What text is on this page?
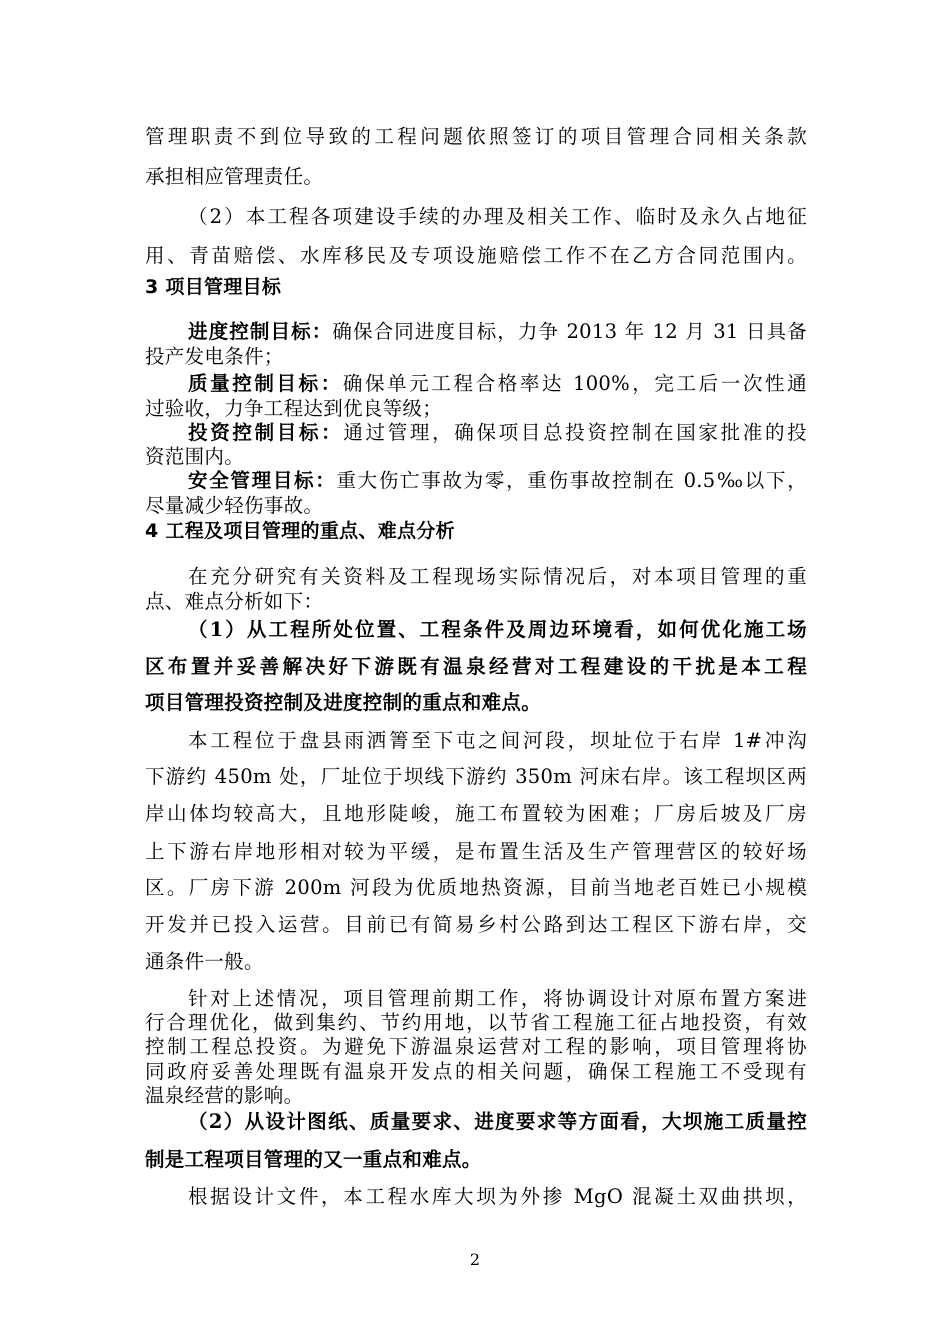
管理职责不到位导致的工程问题依照签订的项目管理合同相关条款
承担相应管理责任。
（2）本工程各项建设手续的办理及相关工作、临时及永久占地征
用、青苗赔偿、水库移民及专项设施赔偿工作不在乙方合同范围内。
3 项目管理目标
进度控制目标：确保合同进度目标，力争 2013 年 12 月 31 日具备
投产发电条件；
质量控制目标：确保单元工程合格率达 100%，完工后一次性通
过验收，力争工程达到优良等级；
投资控制目标：通过管理，确保项目总投资控制在国家批准的投
资范围内。
安全管理目标：重大伤亡事故为零，重伤事故控制在 0.5‰以下，
尽量减少轻伤事故。
4 工程及项目管理的重点、难点分析
在充分研究有关资料及工程现场实际情况后，对本项目管理的重
点、难点分析如下：
（1）从工程所处位置、工程条件及周边环境看，如何优化施工场
区布置并妥善解决好下游既有温泉经营对工程建设的干扰是本工程
项目管理投资控制及进度控制的重点和难点。
本工程位于盘县雨洒箐至下屯之间河段，坝址位于右岸 1#冲沟
下游约 450m 处，厂址位于坝线下游约 350m 河床右岸。该工程坝区两
岸山体均较高大，且地形陡峻，施工布置较为困难；厂房后坡及厂房
上下游右岸地形相对较为平缓，是布置生活及生产管理营区的较好场
区。厂房下游 200m 河段为优质地热资源，目前当地老百姓已小规模
开发并已投入运营。目前已有简易乡村公路到达工程区下游右岸，交
通条件一般。
针对上述情况，项目管理前期工作，将协调设计对原布置方案进
行合理优化，做到集约、节约用地，以节省工程施工征占地投资，有效
控制工程总投资。为避免下游温泉运营对工程的影响，项目管理将协
同政府妥善处理既有温泉开发点的相关问题，确保工程施工不受现有
温泉经营的影响。
（2）从设计图纸、质量要求、进度要求等方面看，大坝施工质量控
制是工程项目管理的又一重点和难点。
根据设计文件，本工程水库大坝为外掺 MgO 混凝土双曲拱坝，
2
